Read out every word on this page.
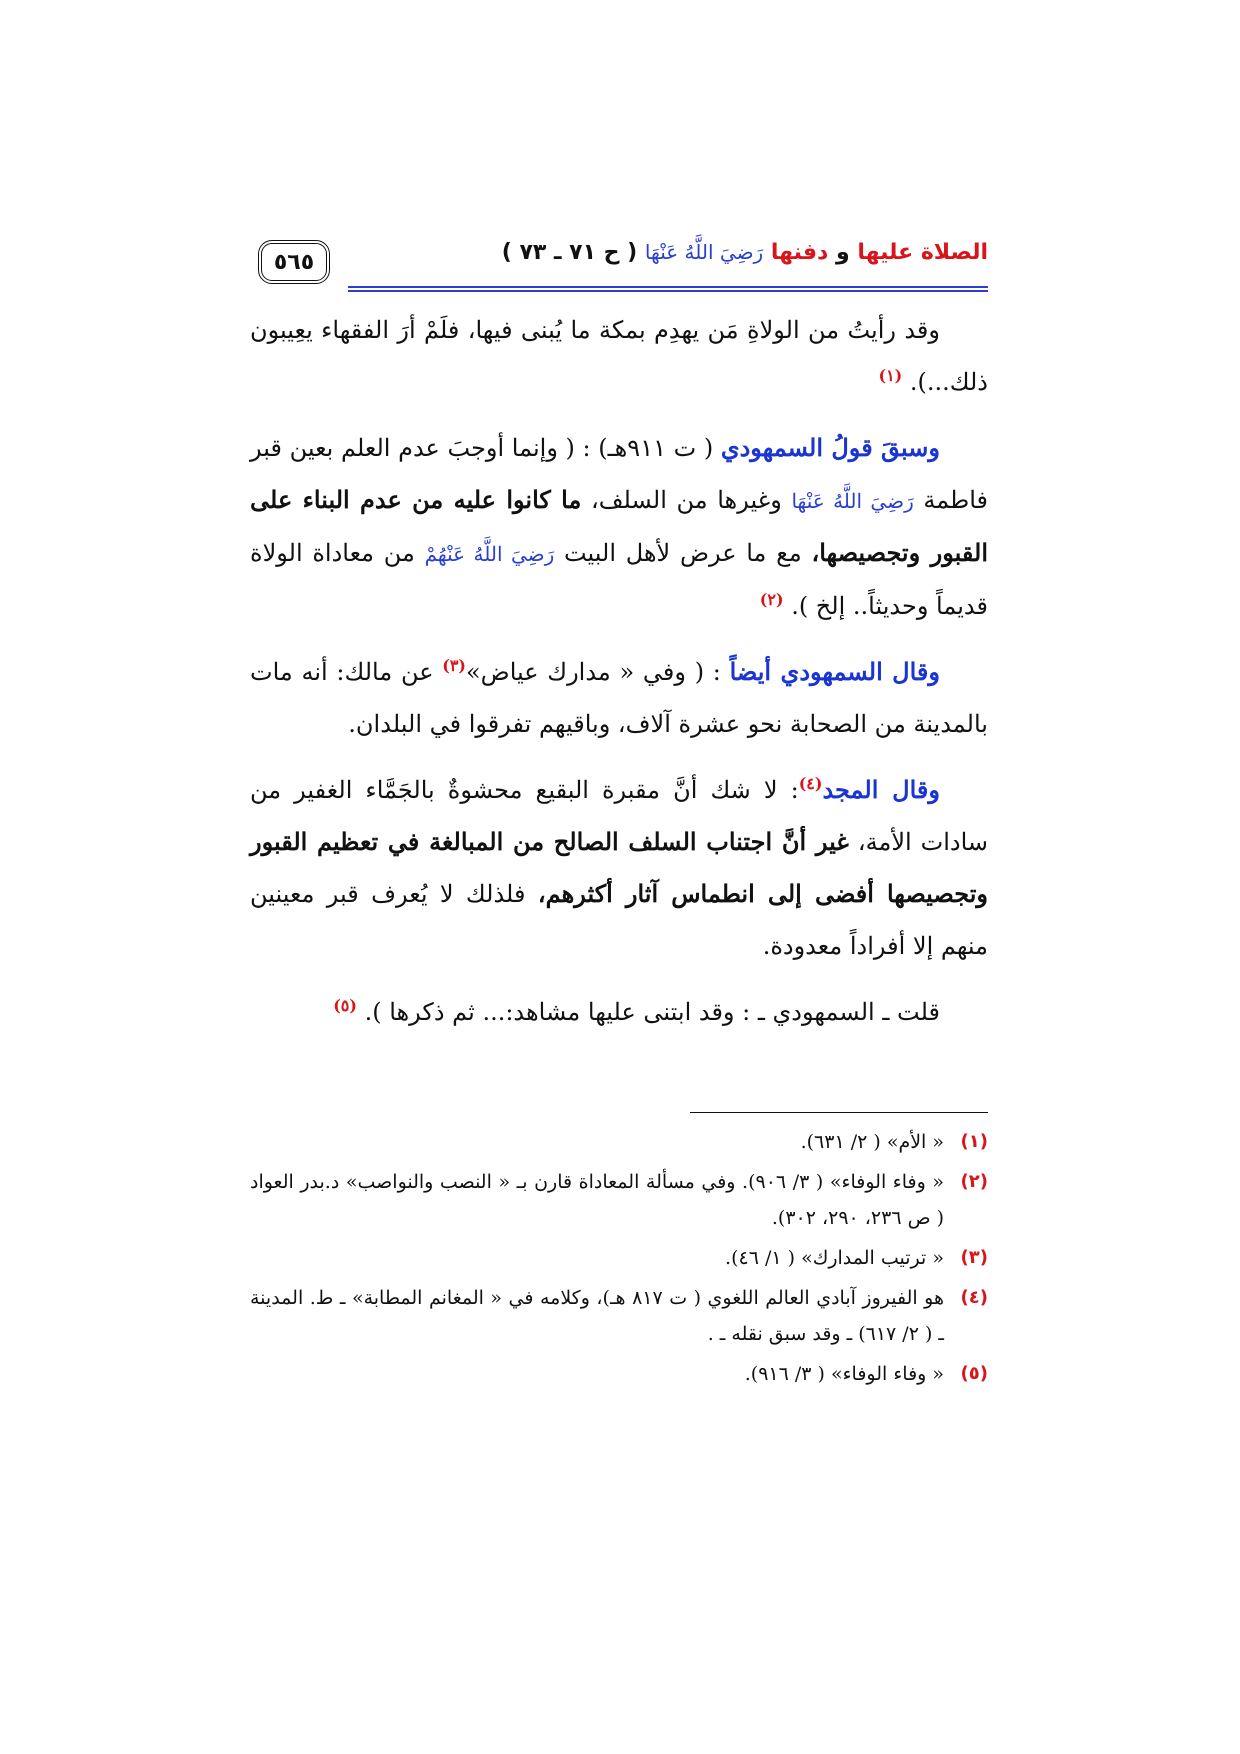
٥٦٥	الصلاة عليها و دفنها رَضِيَ اللَّهُ عَنْهَا ( ح ٧١ ـ ٧٣ )

وقد رأيتُ من الولاةِ مَن يهدِم بمكة ما يُبنى فيها، فلَمْ أرَ الفقهاء يعِيبون ذلك...). $^{(١)}$

وسبقَ قولُ السمهودي ( ت ٩١١هـ) : ( وإنما أوجبَ عدم العلم بعين قبر فاطمة رَضِيَ اللَّهُ عَنْهَا وغيرها من السلف، ما كانوا عليه من عدم البناء على القبور وتجصيصها، مع ما عرض لأهل البيت رَضِيَ اللَّهُ عَنْهُمْ من معاداة الولاة قديماً وحديثاً.. إلخ ). $^{(٢)}$

وقال السمهودي أيضاً : ( وفي « مدارك عياض»$^{(٣)}$ عن مالك: أنه مات بالمدينة من الصحابة نحو عشرة آلاف، وباقيهم تفرقوا في البلدان.

وقال المجد$^{(٤)}$: لا شك أنَّ مقبرة البقيع محشوةٌ بالجَمَّاء الغفير من سادات الأمة، غير أنَّ اجتناب السلف الصالح من المبالغة في تعظيم القبور وتجصيصها أفضى إلى انطماس آثار أكثرهم، فلذلك لا يُعرف قبر معينين منهم إلا أفراداً معدودة.

قلت ـ السمهودي ـ : وقد ابتنى عليها مشاهد:... ثم ذكرها ). $^{(٥)}$

(١)
« الأم» ( ٢/ ٦٣١).
(٢)
« وفاء الوفاء» ( ٣/ ٩٠٦). وفي مسألة المعاداة قارن بـ « النصب والنواصب» د.بدر العواد ( ص ٢٣٦، ٢٩٠، ٣٠٢).
(٣)
« ترتيب المدارك» ( ١/ ٤٦).
(٤)
هو الفيروز آبادي العالم اللغوي ( ت ٨١٧ هـ)، وكلامه في « المغانم المطابة» ـ ط. المدينة ـ ( ٢/ ٦١٧) ـ وقد سبق نقله ـ .
(٥)
« وفاء الوفاء» ( ٣/ ٩١٦).
